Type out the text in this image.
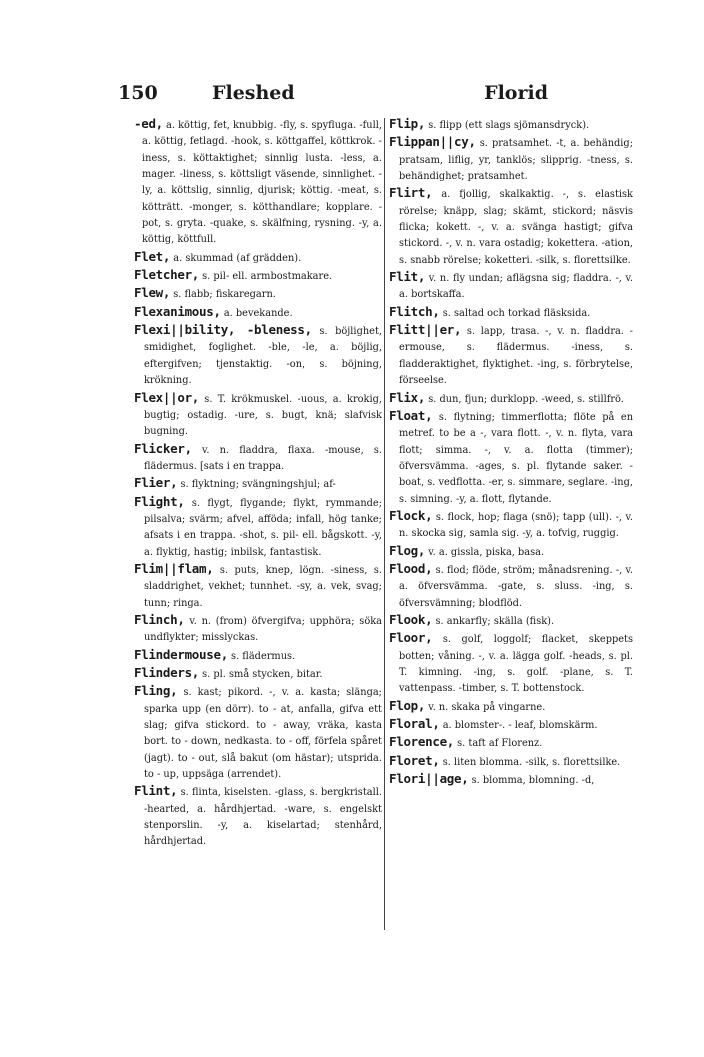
150	Fleshed	Florid

-ed, a. köttig, fet, knubbig. -fly, s. spyfluga. -full, a. köttig, fetlagd. -hook, s. köttgaffel, köttkrok. -iness, s. köttaktighet; sinnlig lusta. -less, a. mager. -liness, s. köttsligt väsende, sinnlighet. -ly, a. köttslig, sinnlig, djurisk; köttig. -meat, s. kötträtt. -monger, s. kötthandlare; kopplare. -pot, s. gryta. -quake, s. skälfning, rysning. -y, a. köttig, köttfull.

Flet, a. skummad (af grädden).

Fletcher, s. pil- ell. armbostmakare.

Flew, s. flabb; fiskaregarn.

Flexanimous, a. bevekande.

Flexi||bility, -bleness, s. böjlighet, smidighet, foglighet. -ble, -le, a. böjlig, eftergifven; tjenstaktig. -on, s. böjning, krökning.

Flex||or, s. T. krökmuskel. -uous, a. krokig, bugtig; ostadig. -ure, s. bugt, knä; slafvisk bugning.

Flicker, v. n. fladdra, flaxa. -mouse, s. flädermus. [sats i en trappa.

Flier, s. flyktning; svängningshjul; af-

Flight, s. flygt, flygande; flykt, rymmande; pilsalva; svärm; afvel, afföda; infall, hög tanke; afsats i en trappa. -shot, s. pil- ell. bågskott. -y, a. flyktig, hastig; inbilsk, fantastisk.

Flim||flam, s. puts, knep, lögn. -siness, s. sladdrighet, vekhet; tunnhet. -sy, a. vek, svag; tunn; ringa.

Flinch, v. n. (from) öfvergifva; upphöra; söka undflykter; misslyckas.

Flindermouse, s. flädermus.

Flinders, s. pl. små stycken, bitar.

Fling, s. kast; pikord. -, v. a. kasta; slänga; sparka upp (en dörr). to - at, anfalla, gifva ett slag; gifva stickord. to - away, vräka, kasta bort. to - down, nedkasta. to - off, förfela spåret (jagt). to - out, slå bakut (om hästar); utsprida. to - up, uppsäga (arrendet).

Flint, s. flinta, kiselsten. -glass, s. bergkristall. -hearted, a. hårdhjertad. -ware, s. engelskt stenporslin. -y, a. kiselartad; stenhård, hårdhjertad.

Flip, s. flipp (ett slags sjömansdryck).

Flippan||cy, s. pratsamhet. -t, a. behändig; pratsam, liflig, yr, tanklös; slipprig. -tness, s. behändighet; pratsamhet.

Flirt, a. fjollig, skalkaktig. -, s. elastisk rörelse; knäpp, slag; skämt, stickord; näsvis flicka; kokett. -, v. a. svänga hastigt; gifva stickord. -, v. n. vara ostadig; kokettera. -ation, s. snabb rörelse; koketteri. -silk, s. florettsilke.

Flit, v. n. fly undan; aflägsna sig; fladdra. -, v. a. bortskaffa.

Flitch, s. saltad och torkad fläsksida.

Flitt||er, s. lapp, trasa. -, v. n. fladdra. -ermouse, s. flädermus. -iness, s. fladderaktighet, flyktighet. -ing, s. förbrytelse, förseelse.

Flix, s. dun, fjun; durklopp. -weed, s. stillfrö.

Float, s. flytning; timmerflotta; flöte på en metref. to be a -, vara flott. -, v. n. flyta, vara flott; simma. -, v. a. flotta (timmer); öfversvämma. -ages, s. pl. flytande saker. -boat, s. vedflotta. -er, s. simmare, seglare. -ing, s. simning. -y, a. flott, flytande.

Flock, s. flock, hop; flaga (snö); tapp (ull). -, v. n. skocka sig, samla sig. -y, a. tofvig, ruggig.

Flog, v. a. gissla, piska, basa.

Flood, s. flod; flöde, ström; månadsrening. -, v. a. öfversvämma. -gate, s. sluss. -ing, s. öfversvämning; blodflöd.

Flook, s. ankarfly; skälla (fisk).

Floor, s. golf, loggolf; flacket, skeppets botten; våning. -, v. a. lägga golf. -heads, s. pl. T. kimning. -ing, s. golf. -plane, s. T. vattenpass. -timber, s. T. bottenstock.

Flop, v. n. skaka på vingarne.

Floral, a. blomster-. - leaf, blomskärm.

Florence, s. taft af Florenz.

Floret, s. liten blomma. -silk, s. florettsilke.

Flori||age, s. blomma, blomning. -d,
